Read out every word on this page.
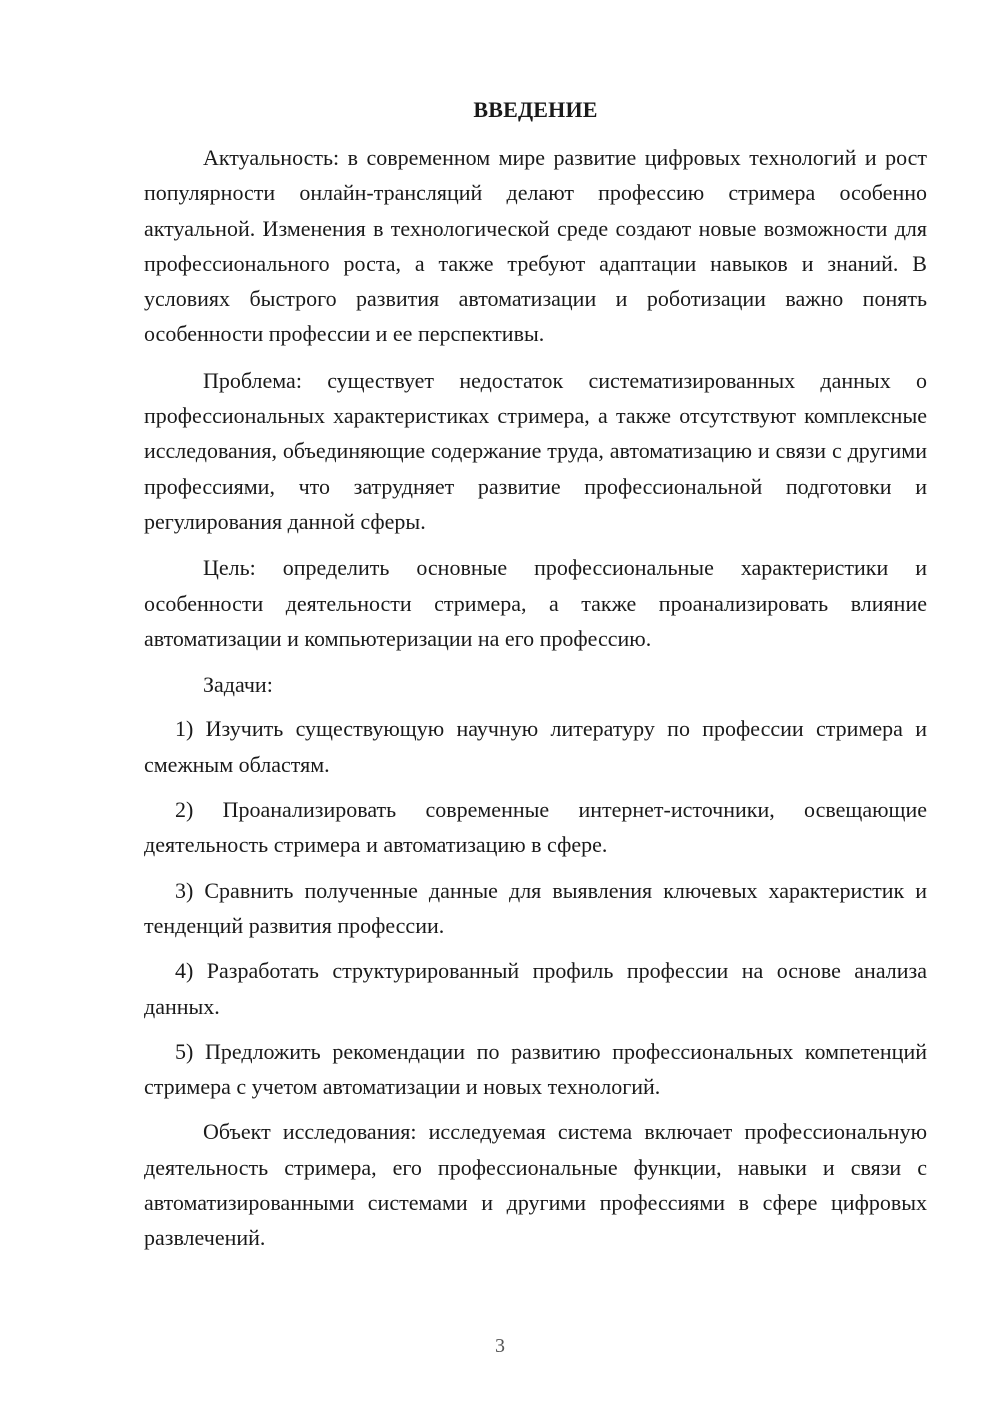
ВВЕДЕНИЕ

Актуальность: в современном мире развитие цифровых технологий и рост популярности онлайн-трансляций делают профессию стримера особенно актуальной. Изменения в технологической среде создают новые возможности для профессионального роста, а также требуют адаптации навыков и знаний. В условиях быстрого развития автоматизации и роботизации важно понять особенности профессии и ее перспективы.

Проблема: существует недостаток систематизированных данных о профессиональных характеристиках стримера, а также отсутствуют комплексные исследования, объединяющие содержание труда, автоматизацию и связи с другими профессиями, что затрудняет развитие профессиональной подготовки и регулирования данной сферы.

Цель: определить основные профессиональные характеристики и особенности деятельности стримера, а также проанализировать влияние автоматизации и компьютеризации на его профессию.

Задачи:

1) Изучить существующую научную литературу по профессии стримера и смежным областям.

2) Проанализировать современные интернет-источники, освещающие деятельность стримера и автоматизацию в сфере.

3) Сравнить полученные данные для выявления ключевых характеристик и тенденций развития профессии.

4) Разработать структурированный профиль профессии на основе анализа данных.

5) Предложить рекомендации по развитию профессиональных компетенций стримера с учетом автоматизации и новых технологий.

Объект исследования: исследуемая система включает профессиональную деятельность стримера, его профессиональные функции, навыки и связи с автоматизированными системами и другими профессиями в сфере цифровых развлечений.

3
